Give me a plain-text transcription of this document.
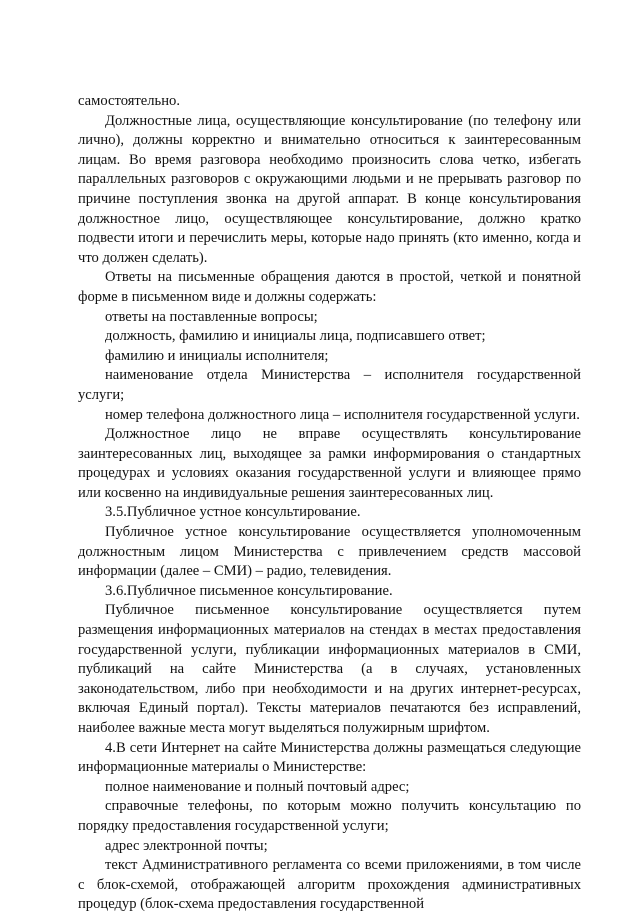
самостоятельно.

Должностные лица, осуществляющие консультирование (по телефону или лично), должны корректно и внимательно относиться к заинтересованным лицам. Во время разговора необходимо произносить слова четко, избегать параллельных разговоров с окружающими людьми и не прерывать разговор по причине поступления звонка на другой аппарат. В конце консультирования должностное лицо, осуществляющее консультирование, должно кратко подвести итоги и перечислить меры, которые надо принять (кто именно, когда и что должен сделать).

Ответы на письменные обращения даются в простой, четкой и понятной форме в письменном виде и должны содержать:

ответы на поставленные вопросы;

должность, фамилию и инициалы лица, подписавшего ответ;

фамилию и инициалы исполнителя;

наименование отдела Министерства – исполнителя государственной услуги;

номер телефона должностного лица – исполнителя государственной услуги.

Должностное лицо не вправе осуществлять консультирование заинтересованных лиц, выходящее за рамки информирования о стандартных процедурах и условиях оказания государственной услуги и влияющее прямо или косвенно на индивидуальные решения заинтересованных лиц.

3.5.Публичное устное консультирование.

Публичное устное консультирование осуществляется уполномоченным должностным лицом Министерства с привлечением средств массовой информации (далее – СМИ) – радио, телевидения.

3.6.Публичное письменное консультирование.

Публичное письменное консультирование осуществляется путем размещения информационных материалов на стендах в местах предоставления государственной услуги, публикации информационных материалов в СМИ, публикаций на сайте Министерства (а в случаях, установленных законодательством, либо при необходимости и на других интернет-ресурсах, включая Единый портал). Тексты материалов печатаются без исправлений, наиболее важные места могут выделяться полужирным шрифтом.

4.В сети Интернет на сайте Министерства должны размещаться следующие информационные материалы о Министерстве:

полное наименование и полный почтовый адрес;

справочные телефоны, по которым можно получить консультацию по порядку предоставления государственной услуги;

адрес электронной почты;

текст Административного регламента со всеми приложениями, в том числе с блок-схемой, отображающей алгоритм прохождения административных процедур (блок-схема предоставления государственной
